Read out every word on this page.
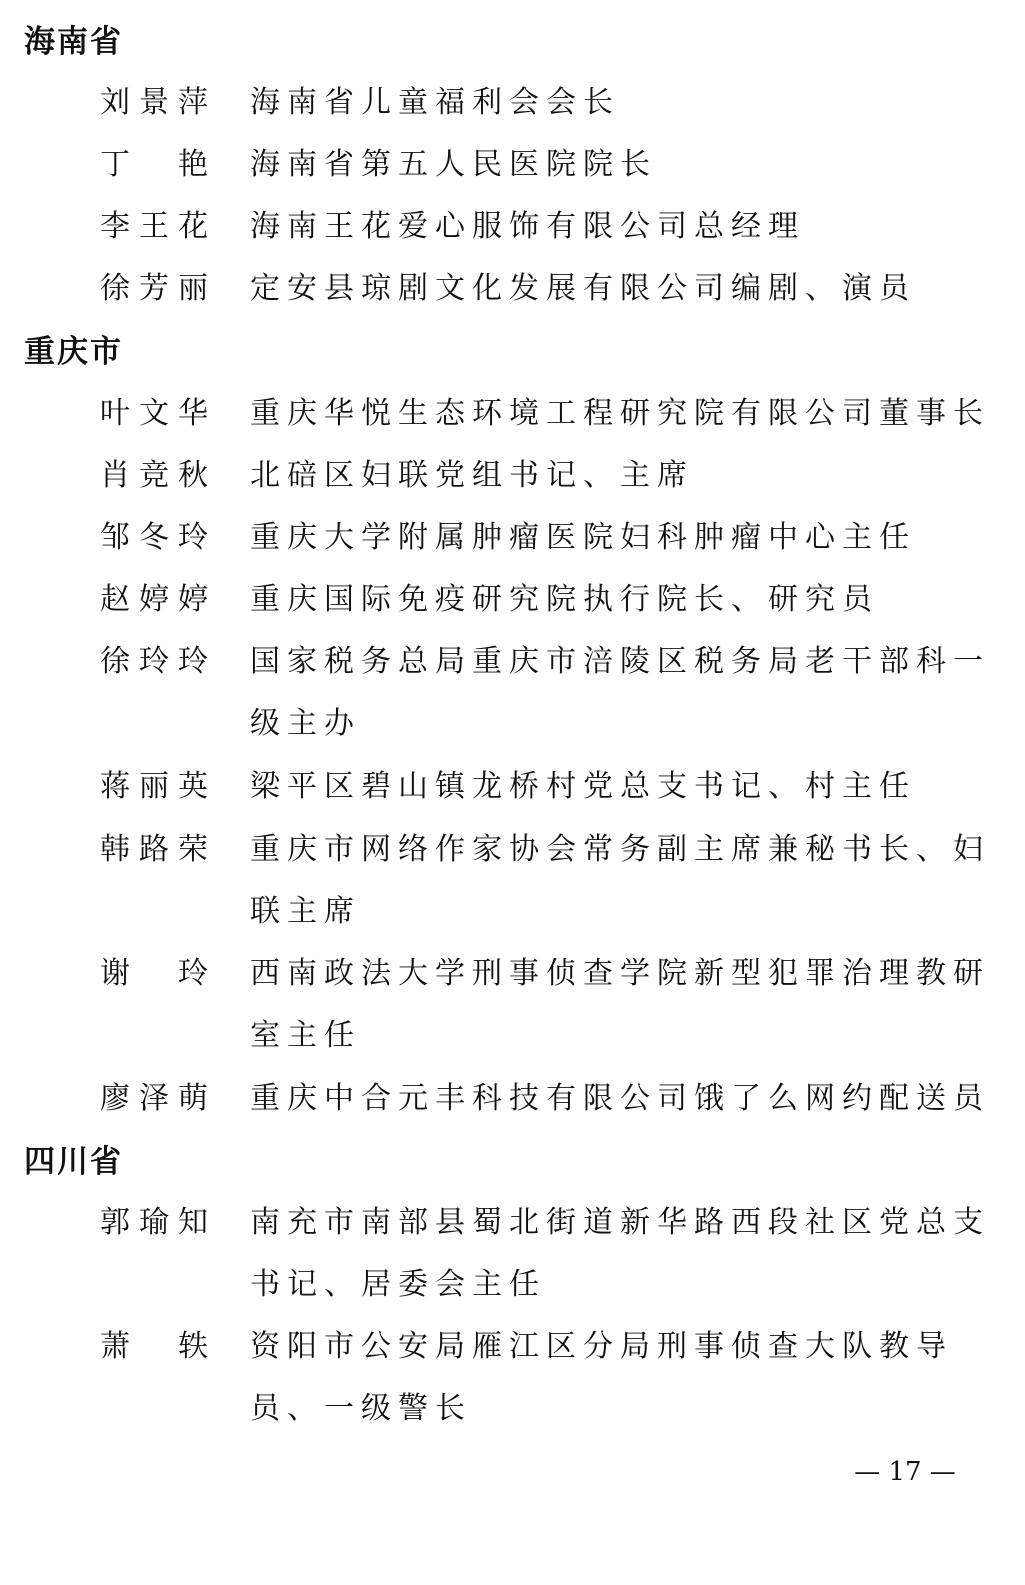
海南省
刘景萍 海南省儿童福利会会长
丁　艳 海南省第五人民医院院长
李王花 海南王花爱心服饰有限公司总经理
徐芳丽 定安县琼剧文化发展有限公司编剧、演员
重庆市
叶文华 重庆华悦生态环境工程研究院有限公司董事长
肖竞秋 北碚区妇联党组书记、主席
邹冬玲 重庆大学附属肿瘤医院妇科肿瘤中心主任
赵婷婷 重庆国际免疫研究院执行院长、研究员
徐玲玲 国家税务总局重庆市涪陵区税务局老干部科一级主办
蒋丽英 梁平区碧山镇龙桥村党总支书记、村主任
韩路荣 重庆市网络作家协会常务副主席兼秘书长、妇联主席
谢　玲 西南政法大学刑事侦查学院新型犯罪治理教研室主任
廖泽萌 重庆中合元丰科技有限公司饿了么网约配送员
四川省
郭瑜知 南充市南部县蜀北街道新华路西段社区党总支书记、居委会主任
萧　轶 资阳市公安局雁江区分局刑事侦查大队教导员、一级警长
— 17 —
